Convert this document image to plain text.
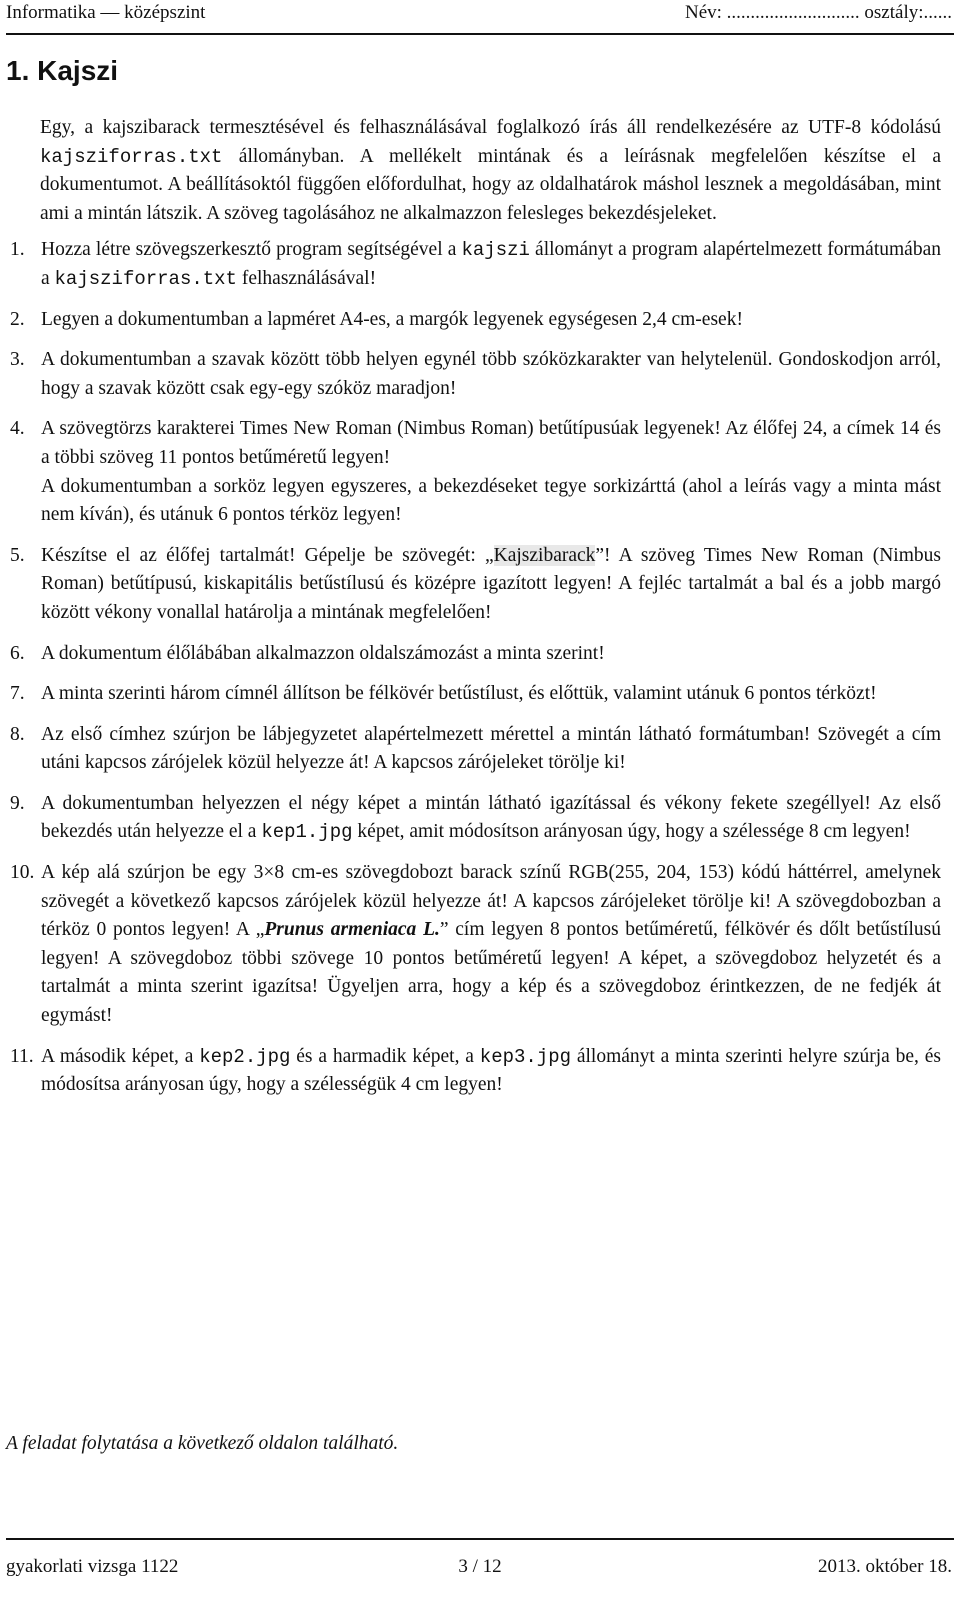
Informatika — középszint	Név: ............................ osztály:......
1. Kajszi

Egy, a kajszibarack termesztésével és felhasználásával foglalkozó írás áll rendelkezésére az UTF-8 kódolású kajsziforras.txt állományban. A mellékelt mintának és a leírásnak megfelelően készítse el a dokumentumot. A beállításoktól függően előfordulhat, hogy az oldalhatárok máshol lesznek a megoldásában, mint ami a mintán látszik. A szöveg tagolásához ne alkalmazzon felesleges bekezdésjeleket.

1. Hozza létre szövegszerkesztő program segítségével a kajszi állományt a program alapértelmezett formátumában a kajsziforras.txt felhasználásával!

2. Legyen a dokumentumban a lapméret A4-es, a margók legyenek egységesen 2,4 cm-esek!

3. A dokumentumban a szavak között több helyen egynél több szóközkarakter van helytelenül. Gondoskodjon arról, hogy a szavak között csak egy-egy szóköz maradjon!

4. A szövegtörzs karakterei Times New Roman (Nimbus Roman) betűtípusúak legyenek! Az élőfej 24, a címek 14 és a többi szöveg 11 pontos betűméretű legyen!

A dokumentumban a sorköz legyen egyszeres, a bekezdéseket tegye sorkizárttá (ahol a leírás vagy a minta mást nem kíván), és utánuk 6 pontos térköz legyen!

5. Készítse el az élőfej tartalmát! Gépelje be szövegét: „Kajszibarack”! A szöveg Times New Roman (Nimbus Roman) betűtípusú, kiskapitális betűstílusú és középre igazított legyen! A fejléc tartalmát a bal és a jobb margó között vékony vonallal határolja a mintának megfelelően!

6. A dokumentum élőlábában alkalmazzon oldalszámozást a minta szerint!

7. A minta szerinti három címnél állítson be félkövér betűstílust, és előttük, valamint utánuk 6 pontos térközt!

8. Az első címhez szúrjon be lábjegyzetet alapértelmezett mérettel a mintán látható formátumban! Szövegét a cím utáni kapcsos zárójelek közül helyezze át! A kapcsos zárójeleket törölje ki!

9. A dokumentumban helyezzen el négy képet a mintán látható igazítással és vékony fekete szegéllyel! Az első bekezdés után helyezze el a kep1.jpg képet, amit módosítson arányosan úgy, hogy a szélessége 8 cm legyen!

10. A kép alá szúrjon be egy 3×8 cm-es szövegdobozt barack színű RGB(255, 204, 153) kódú háttérrel, amelynek szövegét a következő kapcsos zárójelek közül helyezze át! A kapcsos zárójeleket törölje ki! A szövegdobozban a térköz 0 pontos legyen! A „Prunus armeniaca L.” cím legyen 8 pontos betűméretű, félkövér és dőlt betűstílusú legyen! A szövegdoboz többi szövege 10 pontos betűméretű legyen! A képet, a szövegdoboz helyzetét és a tartalmát a minta szerint igazítsa! Ügyeljen arra, hogy a kép és a szövegdoboz érintkezzen, de ne fedjék át egymást!

11. A második képet, a kep2.jpg és a harmadik képet, a kep3.jpg állományt a minta szerinti helyre szúrja be, és módosítsa arányosan úgy, hogy a szélességük 4 cm legyen!

A feladat folytatása a következő oldalon található.
gyakorlati vizsga 1122	3 / 12	2013. október 18.
